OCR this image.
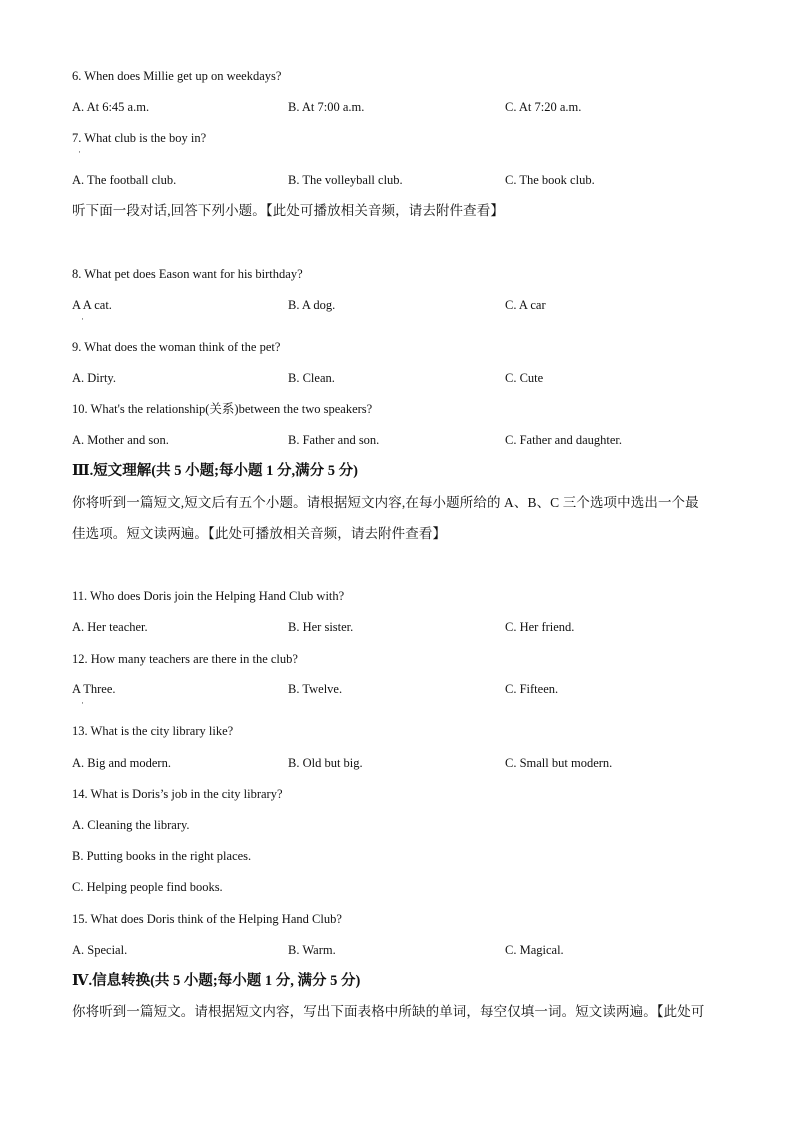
6. When does Millie get up on weekdays?
A. At 6:45 a.m.	B. At 7:00 a.m.	C. At 7:20 a.m.
7. What club is the boy in?
·
A. The football club.	B. The volleyball club.	C. The book club.
听下面一段对话,回答下列小题。【此处可播放相关音频，请去附件查看】
8. What pet does Eason want for his birthday?
A A cat.
·
B. A dog.	C. A car
9. What does the woman think of the pet?
A. Dirty.	B. Clean.	C. Cute
10. What's the relationship(关系)between the two speakers?
A. Mother and son.	B. Father and son.	C. Father and daughter.
Ⅲ.短文理解(共 5 小题;每小题 1 分,满分 5 分)
你将听到一篇短文,短文后有五个小题。请根据短文内容,在每小题所给的 A、B、C 三个选项中选出一个最
佳选项。短文读两遍。【此处可播放相关音频，请去附件查看】
11. Who does Doris join the Helping Hand Club with?
A. Her teacher.	B. Her sister.	C. Her friend.
12. How many teachers are there in the club?
A Three.
·
B. Twelve.	C. Fifteen.
13. What is the city library like?
A. Big and modern.	B. Old but big.	C. Small but modern.
14. What is Doris’s job in the city library?
A. Cleaning the library.
B. Putting books in the right places.
C. Helping people find books.
15. What does Doris think of the Helping Hand Club?
A. Special.	B. Warm.	C. Magical.
Ⅳ.信息转换(共 5 小题;每小题 1 分, 满分 5 分)
你将听到一篇短文。请根据短文内容，写出下面表格中所缺的单词，每空仅填一词。短文读两遍。【此处可
